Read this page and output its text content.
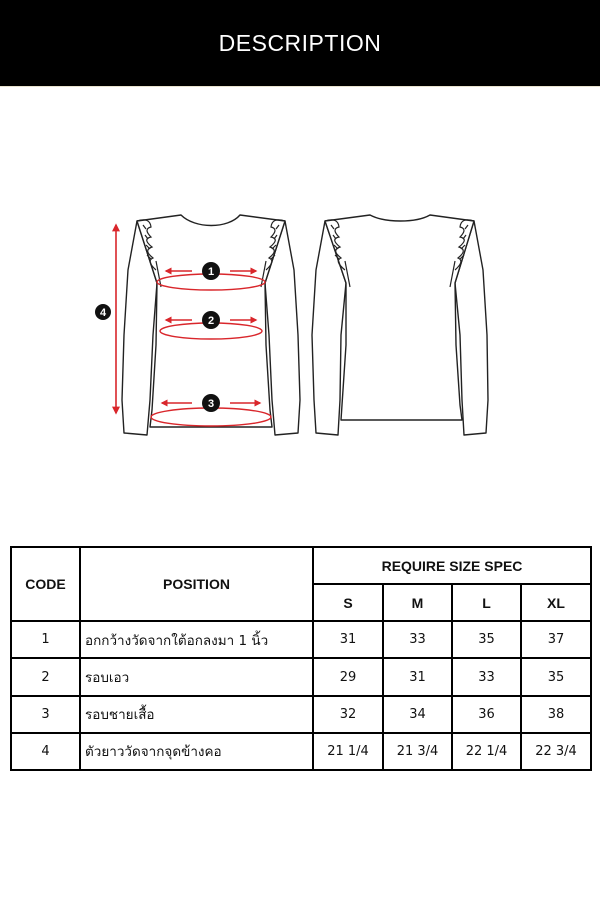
DESCRIPTION
4
1
2
3
CODE	POSITION	REQUIRE SIZE SPEC			
		S	M	L	XL
1	อกกว้างวัดจากใต้อกลงมา 1 นิ้ว	31	33	35	37
2	รอบเอว	29	31	33	35
3	รอบชายเสื้อ	32	34	36	38
4	ตัวยาววัดจากจุดข้างคอ	21 1/4	21 3/4	22 1/4	22 3/4
